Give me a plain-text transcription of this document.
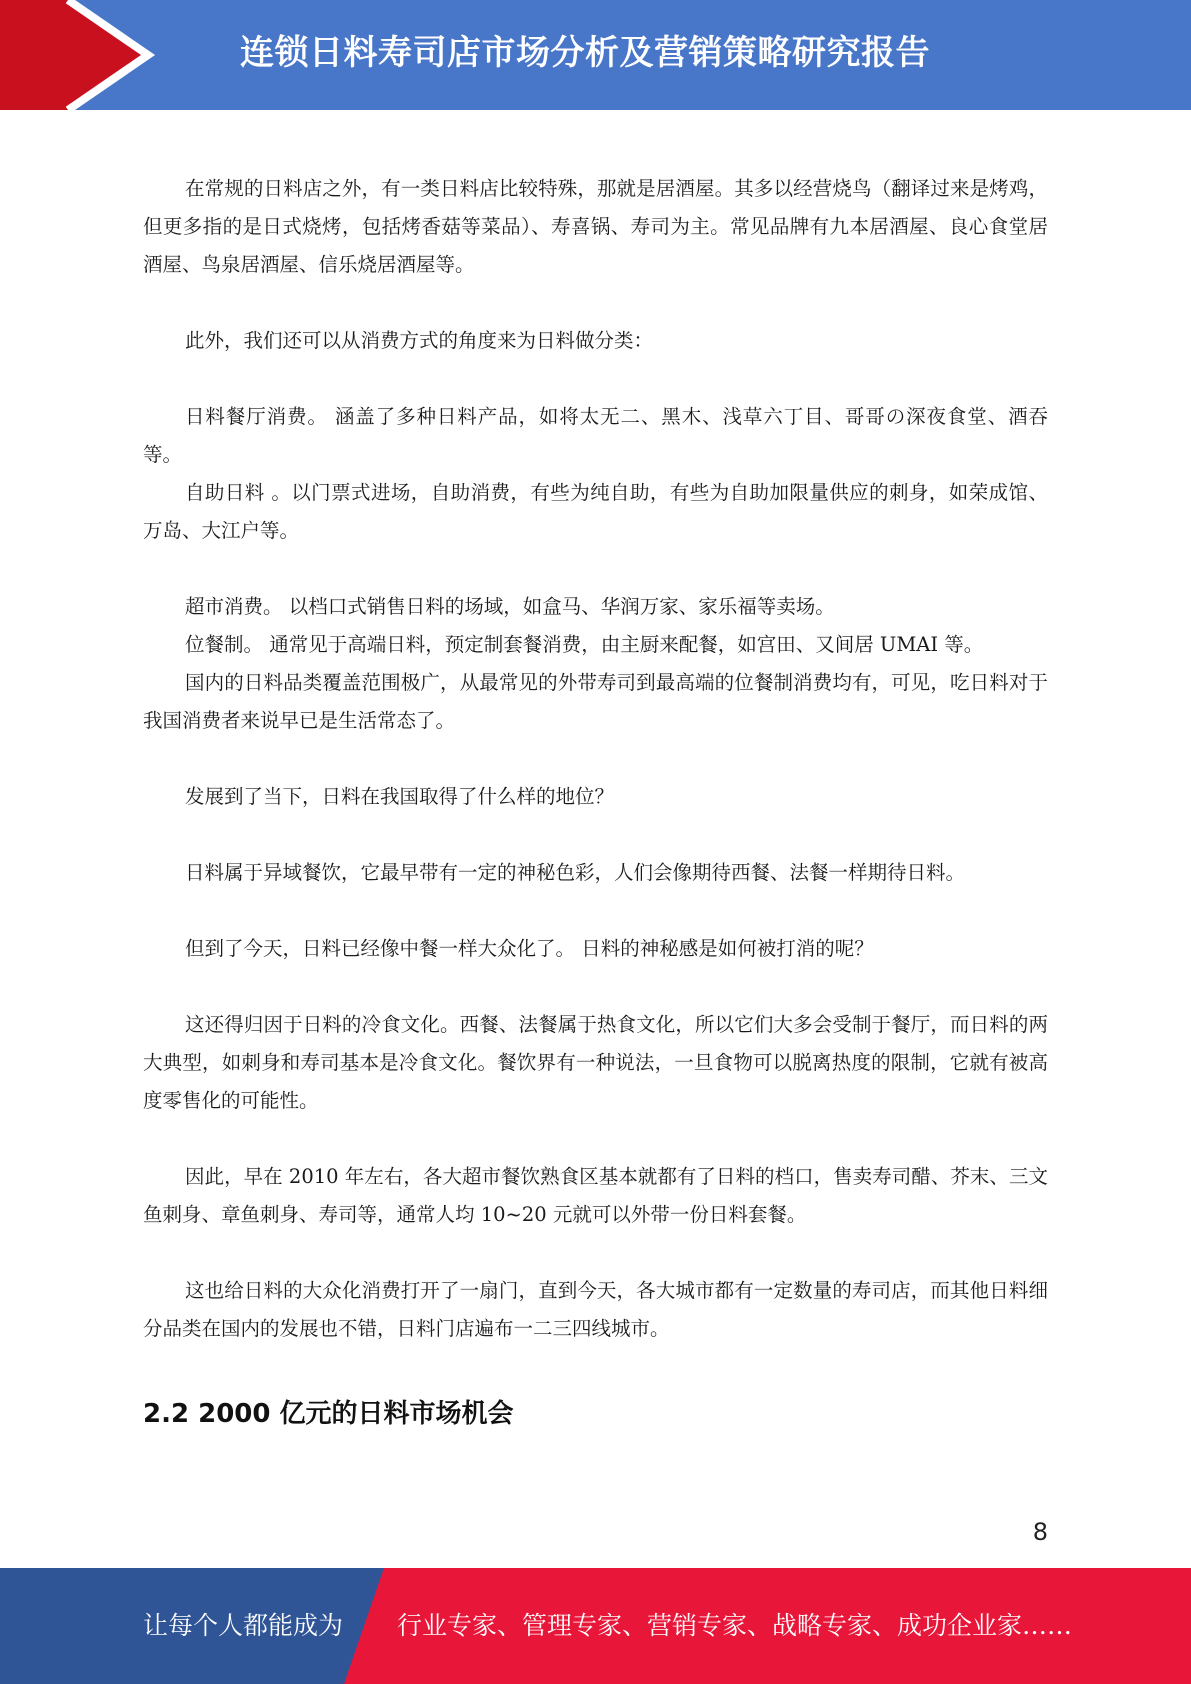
连锁日料寿司店市场分析及营销策略研究报告

在常规的日料店之外，有一类日料店比较特殊，那就是居酒屋。其多以经营烧鸟（翻译过来是烤鸡，但更多指的是日式烧烤，包括烤香菇等菜品）、寿喜锅、寿司为主。常见品牌有九本居酒屋、良心食堂居酒屋、鸟泉居酒屋、信乐烧居酒屋等。

此外，我们还可以从消费方式的角度来为日料做分类：

日料餐厅消费。 涵盖了多种日料产品，如将太无二、黑木、浅草六丁目、哥哥の深夜食堂、酒吞等。

自助日料 。以门票式进场，自助消费，有些为纯自助，有些为自助加限量供应的刺身，如荣成馆、万岛、大江户等。

超市消费。 以档口式销售日料的场域，如盒马、华润万家、家乐福等卖场。

位餐制。 通常见于高端日料，预定制套餐消费，由主厨来配餐，如宫田、又间居 UMAI 等。

国内的日料品类覆盖范围极广，从最常见的外带寿司到最高端的位餐制消费均有，可见，吃日料对于我国消费者来说早已是生活常态了。

发展到了当下，日料在我国取得了什么样的地位？

日料属于异域餐饮，它最早带有一定的神秘色彩，人们会像期待西餐、法餐一样期待日料。

但到了今天，日料已经像中餐一样大众化了。 日料的神秘感是如何被打消的呢？

这还得归因于日料的冷食文化。西餐、法餐属于热食文化，所以它们大多会受制于餐厅，而日料的两大典型，如刺身和寿司基本是冷食文化。餐饮界有一种说法，一旦食物可以脱离热度的限制，它就有被高度零售化的可能性。

因此，早在 2010 年左右，各大超市餐饮熟食区基本就都有了日料的档口，售卖寿司醋、芥末、三文鱼刺身、章鱼刺身、寿司等，通常人均 10~20 元就可以外带一份日料套餐。

这也给日料的大众化消费打开了一扇门，直到今天，各大城市都有一定数量的寿司店，而其他日料细分品类在国内的发展也不错，日料门店遍布一二三四线城市。

2.2 2000 亿元的日料市场机会
8
让每个人都能成为 行业专家、管理专家、营销专家、战略专家、成功企业家……
